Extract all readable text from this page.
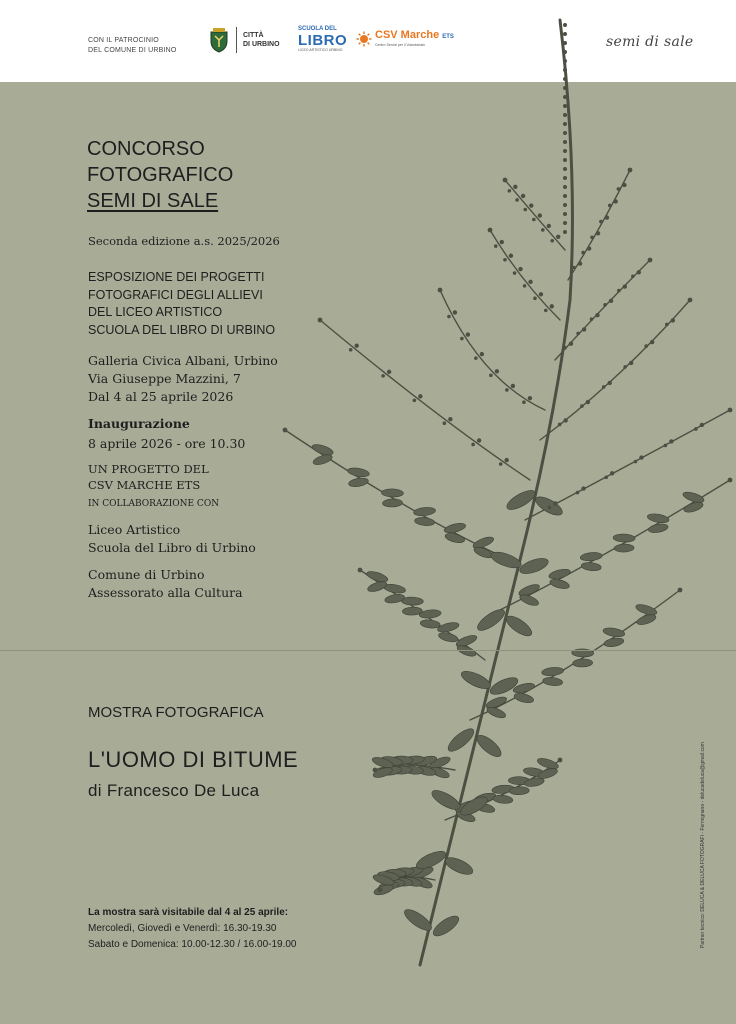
CON IL PATROCINIO
DEL COMUNE DI URBINO
CITTÀ
DI URBINO
SCUOLA DEL
LIBRO
LICEO ARTISTICO URBINO
CSV Marche ETS
Centro Servizi per il Volontariato	semi di sale
CONCORSO
FOTOGRAFICO
SEMI DI SALE
Seconda edizione a.s. 2025/2026
ESPOSIZIONE DEI PROGETTI
FOTOGRAFICI DEGLI ALLIEVI
DEL LICEO ARTISTICO
SCUOLA DEL LIBRO DI URBINO
Galleria Civica Albani, Urbino
Via Giuseppe Mazzini, 7
Dal 4 al 25 aprile 2026
Inaugurazione
8 aprile 2026 - ore 10.30
UN PROGETTO DEL
CSV MARCHE ETS
IN COLLABORAZIONE CON
Liceo Artistico
Scuola del Libro di Urbino
Comune di Urbino
Assessorato alla Cultura
MOSTRA FOTOGRAFICA
L'UOMO DI BITUME
di Francesco De Luca
La mostra sarà visitabile dal 4 al 25 aprile:
Mercoledì, Giovedì e Venerdì: 16.30-19.30
Sabato e Domenica: 10.00-12.30 / 16.00-19.00	Partner tecnico: DELUCA & DELUCA FOTOGRAFI - Fermignano - delucadeluca@gmail.com
